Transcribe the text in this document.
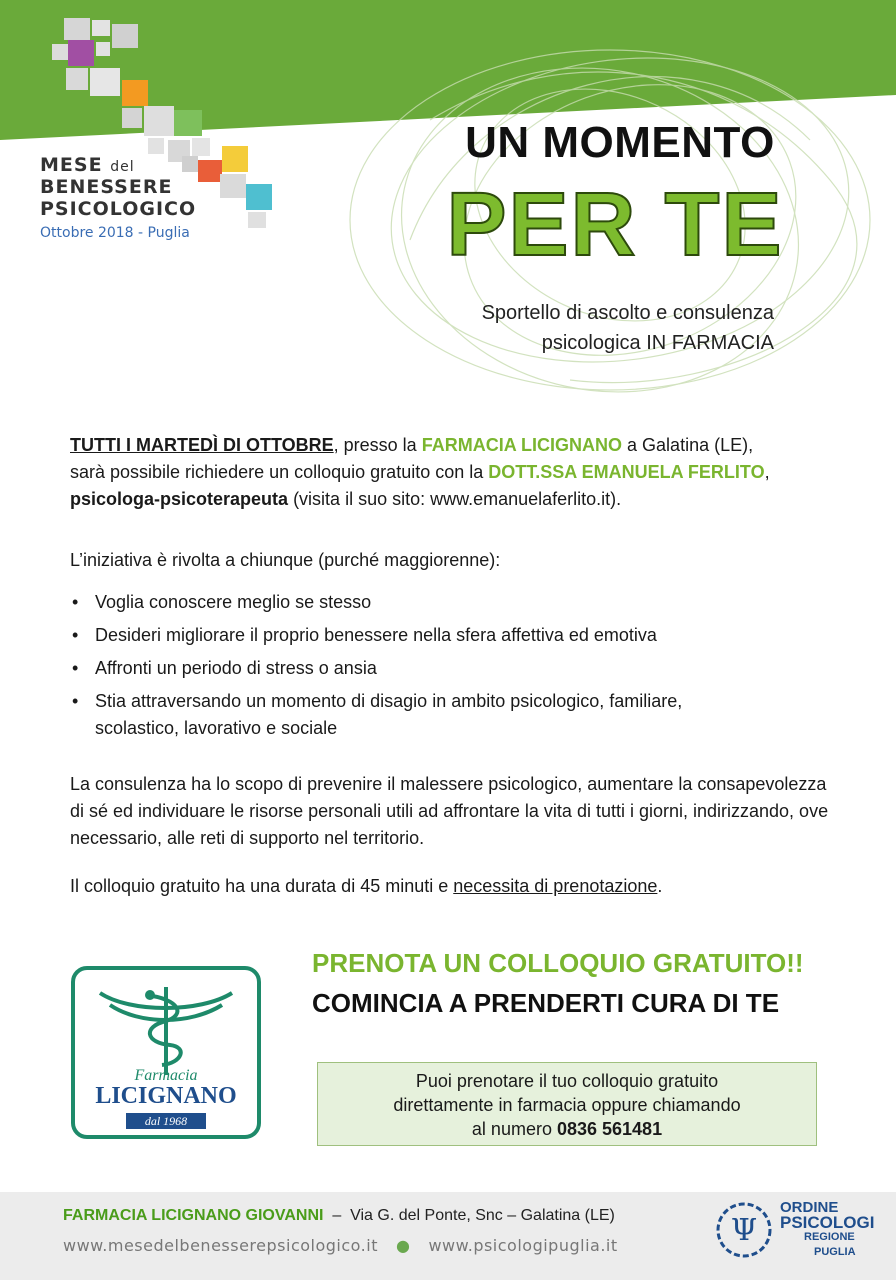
MESE del
BENESSERE
PSICOLOGICO
Ottobre 2018 - Puglia
UN MOMENTO
PER TE
Sportello di ascolto e consulenza
psicologica IN FARMACIA
TUTTI I MARTEDÌ DI OTTOBRE, presso la FARMACIA LICIGNANO a Galatina (LE),
sarà possibile richiedere un colloquio gratuito con la DOTT.SSA EMANUELA FERLITO,
psicologa-psicoterapeuta (visita il suo sito: www.emanuelaferlito.it).
L’iniziativa è rivolta a chiunque (purché maggiorenne):
• Voglia conoscere meglio se stesso
• Desideri migliorare il proprio benessere nella sfera affettiva ed emotiva
• Affronti un periodo di stress o ansia
• Stia attraversando un momento di disagio in ambito psicologico, familiare, scolastico, lavorativo e sociale
La consulenza ha lo scopo di prevenire il malessere psicologico, aumentare la consapevolezza di sé ed individuare le risorse personali utili ad affrontare la vita di tutti i giorni, indirizzando, ove necessario, alle reti di supporto nel territorio.
Il colloquio gratuito ha una durata di 45 minuti e necessita di prenotazione.
Farmacia
LICIGNANO
dal 1968
PRENOTA UN COLLOQUIO GRATUITO!!
COMINCIA A PRENDERTI CURA DI TE
Puoi prenotare il tuo colloquio gratuito
direttamente in farmacia oppure chiamando
al numero 0836 561481
FARMACIA LICIGNANO GIOVANNI  –  Via G. del Ponte, Snc – Galatina (LE)
www.mesedelbenesserepsicologico.it ● www.psicologipuglia.it	Ψ
ORDINE
PSICOLOGI
REGIONE
PUGLIA
